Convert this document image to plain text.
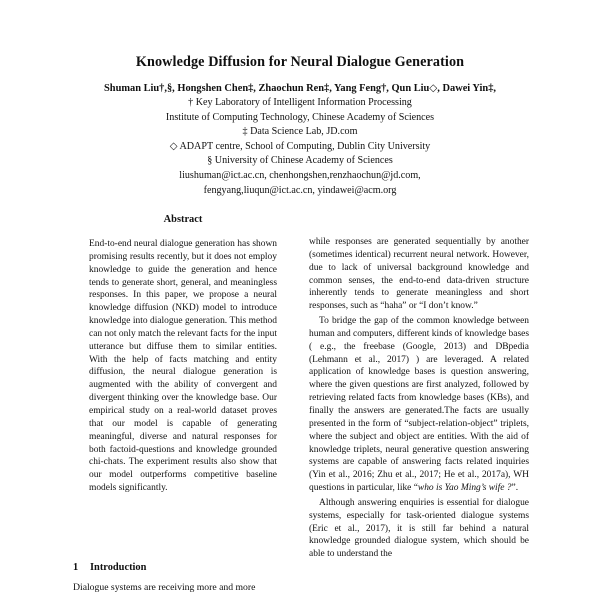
Knowledge Diffusion for Neural Dialogue Generation
Shuman Liu†,§, Hongshen Chen‡, Zhaochun Ren‡, Yang Feng†, Qun Liu◇, Dawei Yin‡,
† Key Laboratory of Intelligent Information Processing
Institute of Computing Technology, Chinese Academy of Sciences
‡ Data Science Lab, JD.com
◇ ADAPT centre, School of Computing, Dublin City University
§ University of Chinese Academy of Sciences
liushuman@ict.ac.cn, chenhongshen,renzhaochun@jd.com,
fengyang,liuqun@ict.ac.cn, yindawei@acm.org
Abstract

End-to-end neural dialogue generation has shown promising results recently, but it does not employ knowledge to guide the generation and hence tends to generate short, general, and meaningless responses. In this paper, we propose a neural knowledge diffusion (NKD) model to introduce knowledge into dialogue generation. This method can not only match the relevant facts for the input utterance but diffuse them to similar entities. With the help of facts matching and entity diffusion, the neural dialogue generation is augmented with the ability of convergent and divergent thinking over the knowledge base. Our empirical study on a real-world dataset proves that our model is capable of generating meaningful, diverse and natural responses for both factoid-questions and knowledge grounded chi-chats. The experiment results also show that our model outperforms competitive baseline models significantly.

1 Introduction

Dialogue systems are receiving more and more

while responses are generated sequentially by another (sometimes identical) recurrent neural network. However, due to lack of universal background knowledge and common senses, the end-to-end data-driven structure inherently tends to generate meaningless and short responses, such as “haha” or “I don’t know.”

To bridge the gap of the common knowledge between human and computers, different kinds of knowledge bases ( e.g., the freebase (Google, 2013) and DBpedia (Lehmann et al., 2017) ) are leveraged. A related application of knowledge bases is question answering, where the given questions are first analyzed, followed by retrieving related facts from knowledge bases (KBs), and finally the answers are generated.The facts are usually presented in the form of “subject-relation-object” triplets, where the subject and object are entities. With the aid of knowledge triplets, neural generative question answering systems are capable of answering facts related inquiries (Yin et al., 2016; Zhu et al., 2017; He et al., 2017a), WH questions in particular, like “who is Yao Ming’s wife ?”.

Although answering enquiries is essential for dialogue systems, especially for task-oriented dialogue systems (Eric et al., 2017), it is still far behind a natural knowledge grounded dialogue system, which should be able to understand the
